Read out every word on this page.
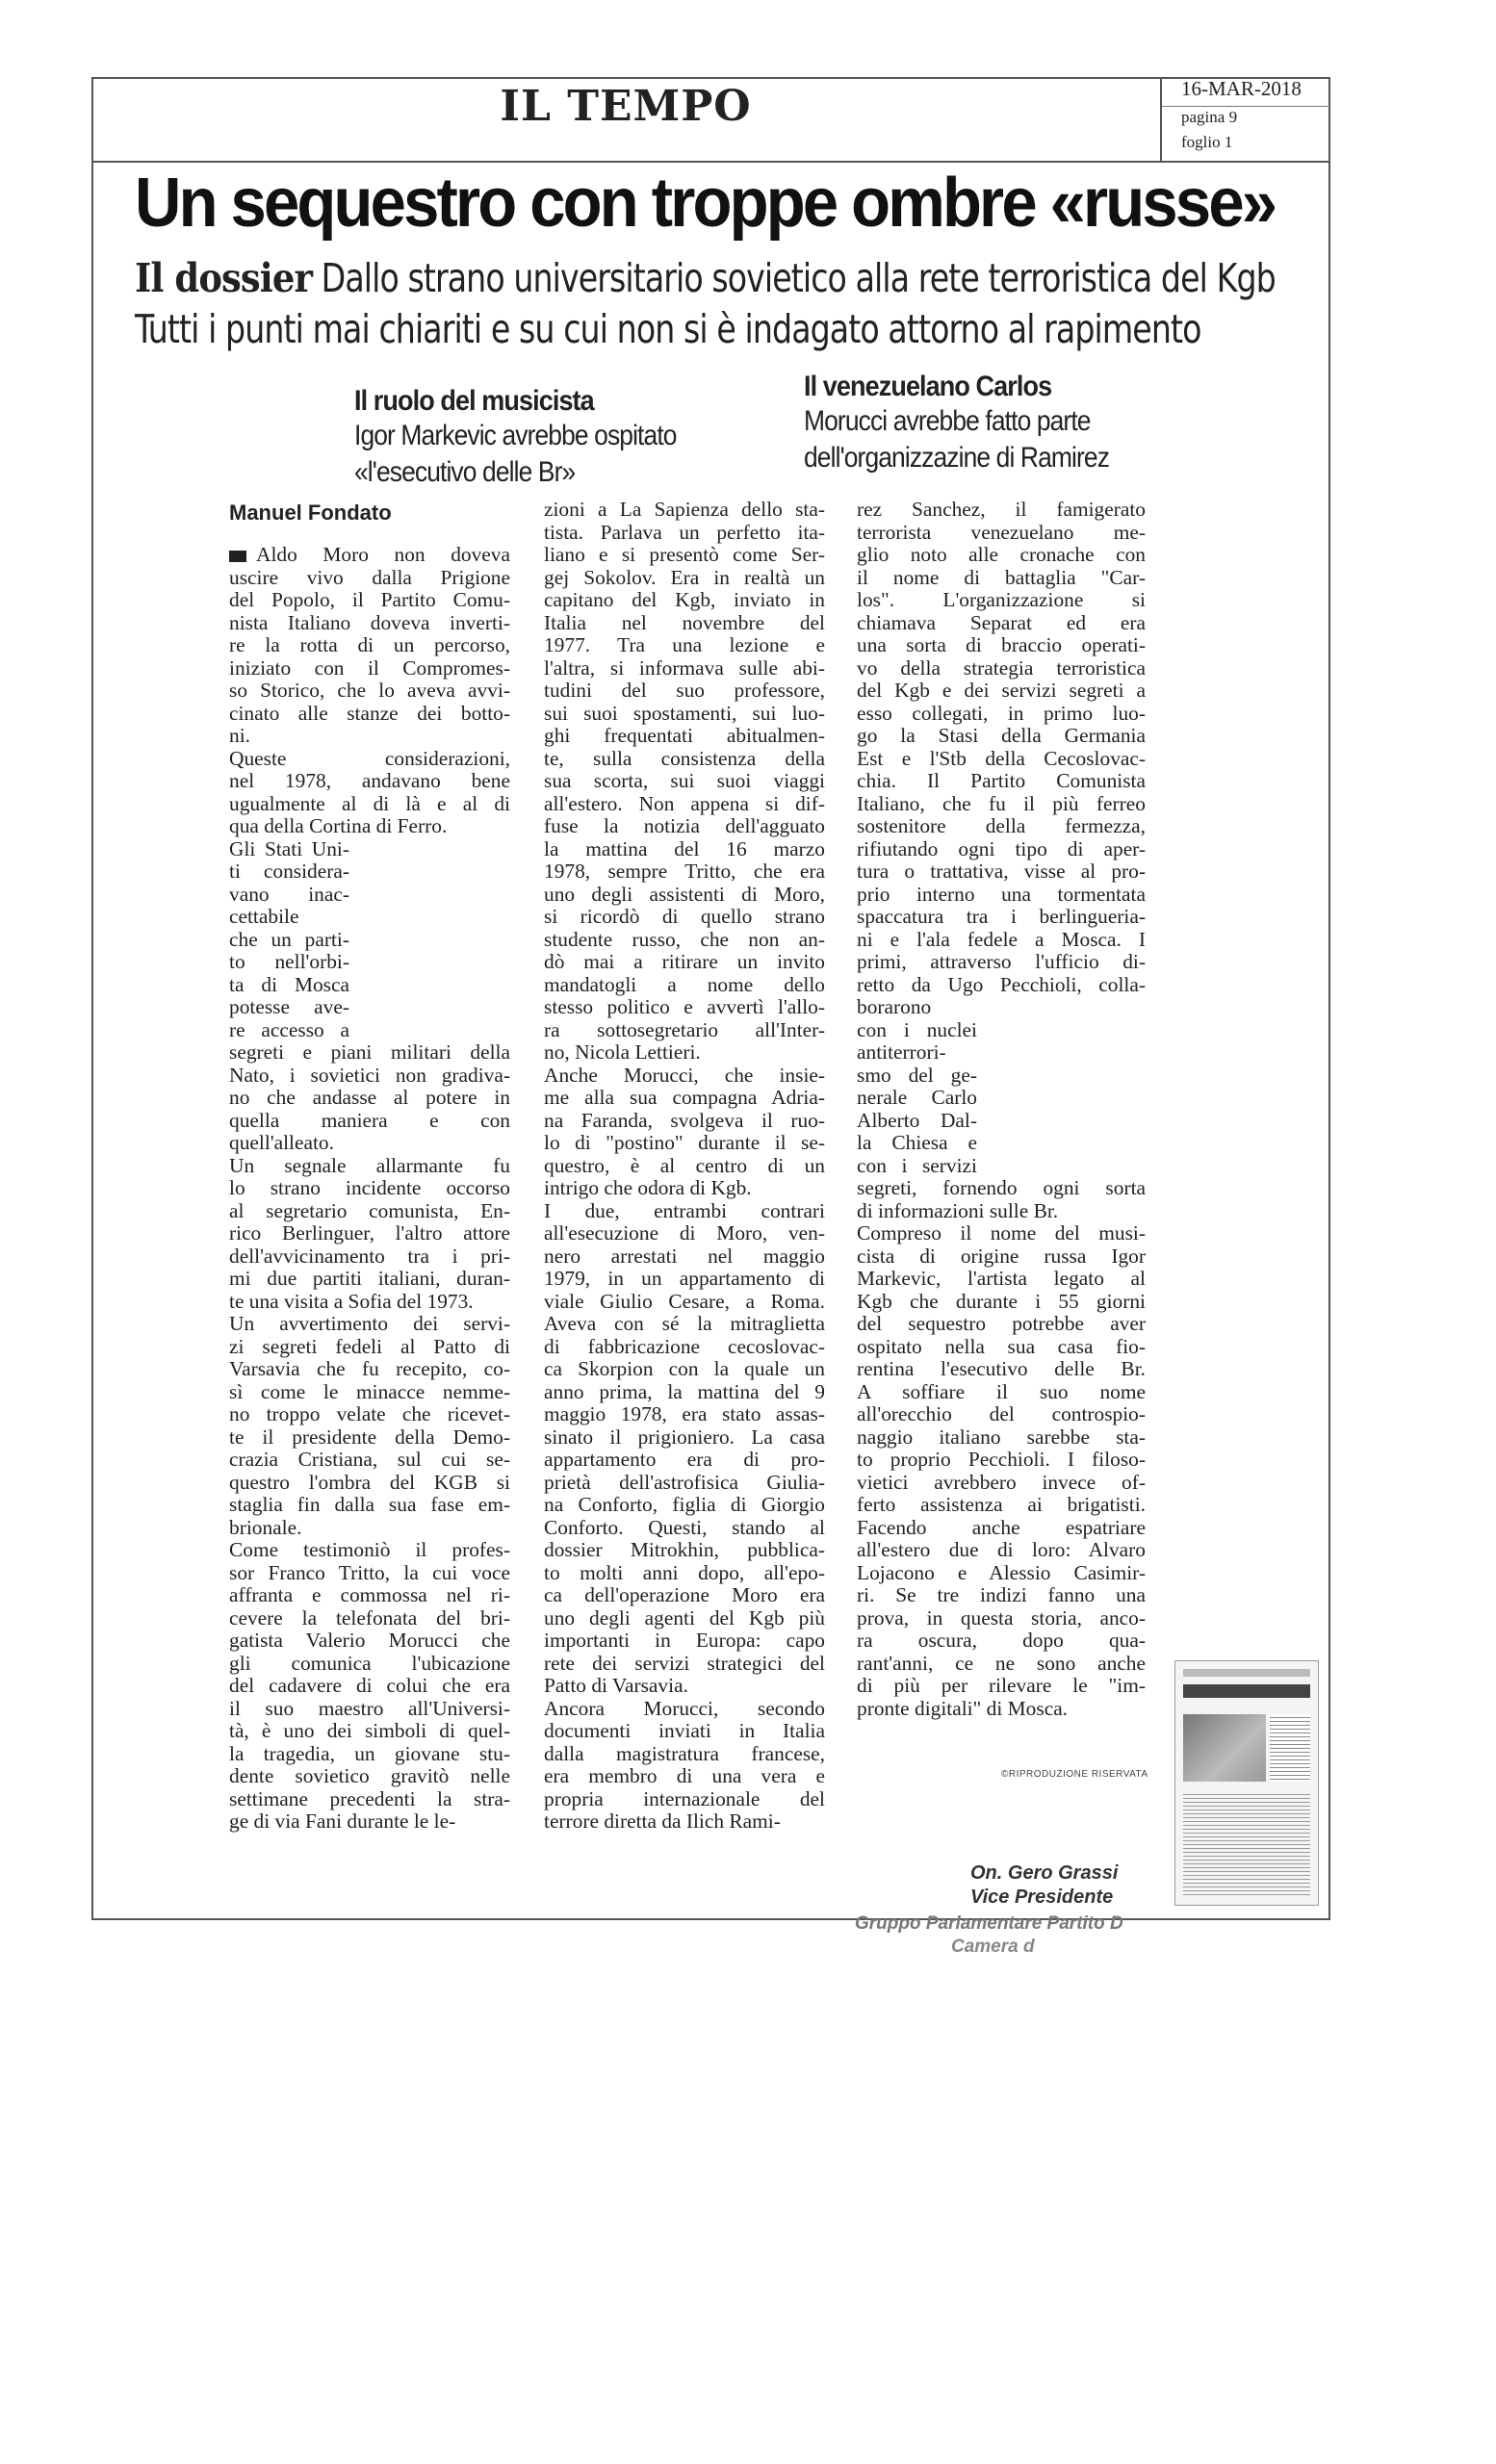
IL TEMPO	16-MAR-2018
pagina 9
foglio 1
Un sequestro con troppe ombre «russe»
Il dossier Dallo strano universitario sovietico alla rete terroristica del Kgb
Tutti i punti mai chiariti e su cui non si è indagato attorno al rapimento
Il ruolo del musicista
Igor Markevic avrebbe ospitato
«l'esecutivo delle Br»
Il venezuelano Carlos
Morucci avrebbe fatto parte
dell'organizzazine di Ramirez
Manuel Fondato
Aldo Moro non doveva
uscire vivo dalla Prigione
del Popolo, il Partito Comu-
nista Italiano doveva inverti-
re la rotta di un percorso,
iniziato con il Compromes-
so Storico, che lo aveva avvi-
cinato alle stanze dei botto-
ni.
Queste considerazioni,
nel 1978, andavano bene
ugualmente al di là e al di
qua della Cortina di Ferro.
Gli Stati Uni-
ti considera-
vano inac-
cettabile
che un parti-
to nell'orbi-
ta di Mosca
potesse ave-
re accesso a
segreti e piani militari della
Nato, i sovietici non gradiva-
no che andasse al potere in
quella maniera e con
quell'alleato.
Un segnale allarmante fu
lo strano incidente occorso
al segretario comunista, En-
rico Berlinguer, l'altro attore
dell'avvicinamento tra i pri-
mi due partiti italiani, duran-
te una visita a Sofia del 1973.
Un avvertimento dei servi-
zi segreti fedeli al Patto di
Varsavia che fu recepito, co-
sì come le minacce nemme-
no troppo velate che ricevet-
te il presidente della Demo-
crazia Cristiana, sul cui se-
questro l'ombra del KGB si
staglia fin dalla sua fase em-
brionale.
Come testimoniò il profes-
sor Franco Tritto, la cui voce
affranta e commossa nel ri-
cevere la telefonata del bri-
gatista Valerio Morucci che
gli comunica l'ubicazione
del cadavere di colui che era
il suo maestro all'Universi-
tà, è uno dei simboli di quel-
la tragedia, un giovane stu-
dente sovietico gravitò nelle
settimane precedenti la stra-
ge di via Fani durante le le-
zioni a La Sapienza dello sta-
tista. Parlava un perfetto ita-
liano e si presentò come Ser-
gej Sokolov. Era in realtà un
capitano del Kgb, inviato in
Italia nel novembre del
1977. Tra una lezione e
l'altra, si informava sulle abi-
tudini del suo professore,
sui suoi spostamenti, sui luo-
ghi frequentati abitualmen-
te, sulla consistenza della
sua scorta, sui suoi viaggi
all'estero. Non appena si dif-
fuse la notizia dell'agguato
la mattina del 16 marzo
1978, sempre Tritto, che era
uno degli assistenti di Moro,
si ricordò di quello strano
studente russo, che non an-
dò mai a ritirare un invito
mandatogli a nome dello
stesso politico e avvertì l'allo-
ra sottosegretario all'Inter-
no, Nicola Lettieri.
Anche Morucci, che insie-
me alla sua compagna Adria-
na Faranda, svolgeva il ruo-
lo di "postino" durante il se-
questro, è al centro di un
intrigo che odora di Kgb.
I due, entrambi contrari
all'esecuzione di Moro, ven-
nero arrestati nel maggio
1979, in un appartamento di
viale Giulio Cesare, a Roma.
Aveva con sé la mitraglietta
di fabbricazione cecoslovac-
ca Skorpion con la quale un
anno prima, la mattina del 9
maggio 1978, era stato assas-
sinato il prigioniero. La casa
appartamento era di pro-
prietà dell'astrofisica Giulia-
na Conforto, figlia di Giorgio
Conforto. Questi, stando al
dossier Mitrokhin, pubblica-
to molti anni dopo, all'epo-
ca dell'operazione Moro era
uno degli agenti del Kgb più
importanti in Europa: capo
rete dei servizi strategici del
Patto di Varsavia.
Ancora Morucci, secondo
documenti inviati in Italia
dalla magistratura francese,
era membro di una vera e
propria internazionale del
terrore diretta da Ilich Rami-
rez Sanchez, il famigerato
terrorista venezuelano me-
glio noto alle cronache con
il nome di battaglia "Car-
los". L'organizzazione si
chiamava Separat ed era
una sorta di braccio operati-
vo della strategia terroristica
del Kgb e dei servizi segreti a
esso collegati, in primo luo-
go la Stasi della Germania
Est e l'Stb della Cecoslovac-
chia. Il Partito Comunista
Italiano, che fu il più ferreo
sostenitore della fermezza,
rifiutando ogni tipo di aper-
tura o trattativa, visse al pro-
prio interno una tormentata
spaccatura tra i berlingueria-
ni e l'ala fedele a Mosca. I
primi, attraverso l'ufficio di-
retto da Ugo Pecchioli, colla-
borarono
con i nuclei
antiterrori-
smo del ge-
nerale Carlo
Alberto Dal-
la Chiesa e
con i servizi
segreti, fornendo ogni sorta
di informazioni sulle Br.
Compreso il nome del musi-
cista di origine russa Igor
Markevic, l'artista legato al
Kgb che durante i 55 giorni
del sequestro potrebbe aver
ospitato nella sua casa fio-
rentina l'esecutivo delle Br.
A soffiare il suo nome
all'orecchio del controspio-
naggio italiano sarebbe sta-
to proprio Pecchioli. I filoso-
vietici avrebbero invece of-
ferto assistenza ai brigatisti.
Facendo anche espatriare
all'estero due di loro: Alvaro
Lojacono e Alessio Casimir-
ri. Se tre indizi fanno una
prova, in questa storia, anco-
ra oscura, dopo qua-
rant'anni, ce ne sono anche
di più per rilevare le "im-
pronte digitali" di Mosca.
©RIPRODUZIONE RISERVATA
On. Gero Grassi
Vice Presidente
Gruppo Parlamentare Partito D
Camera d
